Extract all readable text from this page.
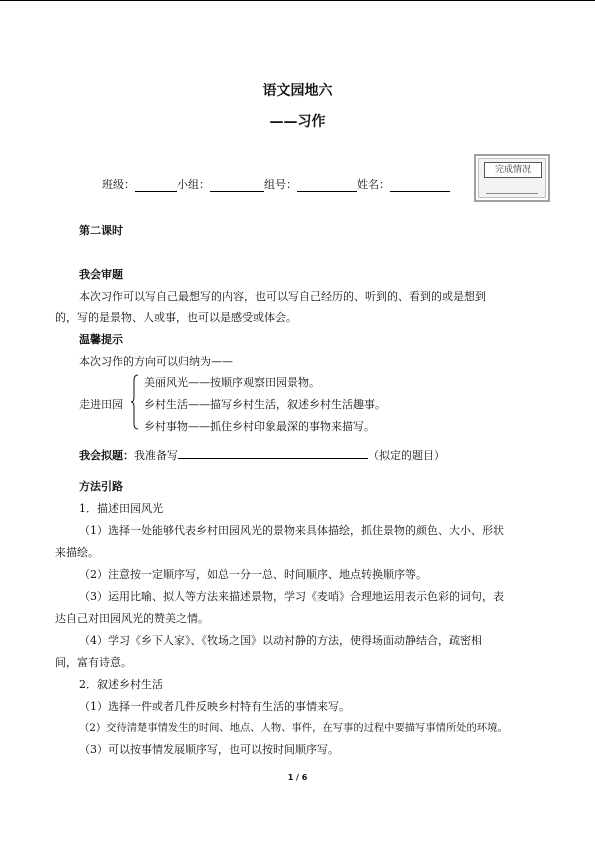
语文园地六
——习作
班级：	小组：	组号：	姓名：
完成情况
第二课时
我会审题
本次习作可以写自己最想写的内容，也可以写自己经历的、听到的、看到的或是想到
的，写的是景物、人或事，也可以是感受或体会。
温馨提示
本次习作的方向可以归纳为——
走进田园
美丽风光——按顺序观察田园景物。
乡村生活——描写乡村生活，叙述乡村生活趣事。
乡村事物——抓住乡村印象最深的事物来描写。
我会拟题：我准备写	（拟定的题目）
方法引路
1．描述田园风光
（1）选择一处能够代表乡村田园风光的景物来具体描绘，抓住景物的颜色、大小、形状
来描绘。
（2）注意按一定顺序写，如总一分一总、时间顺序、地点转换顺序等。
（3）运用比喻、拟人等方法来描述景物，学习《麦哨》合理地运用表示色彩的词句，表
达自己对田园风光的赞美之情。
（4）学习《乡下人家》、《牧场之国》以动衬静的方法，使得场面动静结合，疏密相
间，富有诗意。
2．叙述乡村生活
（1）选择一件或者几件反映乡村特有生活的事情来写。
（2）交待清楚事情发生的时间、地点、人物、事件，在写事的过程中要描写事情所处的环境。
（3）可以按事情发展顺序写，也可以按时间顺序写。
1 / 6
